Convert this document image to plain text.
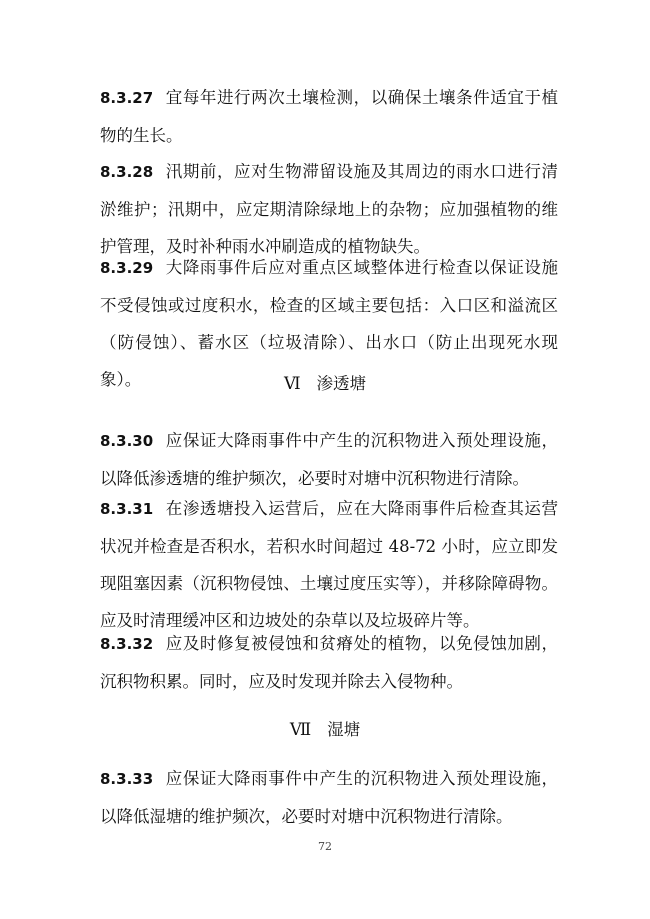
8.3.27 宜每年进行两次土壤检测，以确保土壤条件适宜于植物的生长。

8.3.28 汛期前，应对生物滞留设施及其周边的雨水口进行清淤维护；汛期中，应定期清除绿地上的杂物；应加强植物的维护管理，及时补种雨水冲刷造成的植物缺失。

8.3.29 大降雨事件后应对重点区域整体进行检查以保证设施不受侵蚀或过度积水，检查的区域主要包括：入口区和溢流区（防侵蚀）、蓄水区（垃圾清除）、出水口（防止出现死水现象）。	Ⅵ 渗透塘

8.3.30 应保证大降雨事件中产生的沉积物进入预处理设施，以降低渗透塘的维护频次，必要时对塘中沉积物进行清除。

8.3.31 在渗透塘投入运营后，应在大降雨事件后检查其运营状况并检查是否积水，若积水时间超过 48-72 小时，应立即发现阻塞因素（沉积物侵蚀、土壤过度压实等），并移除障碍物。应及时清理缓冲区和边坡处的杂草以及垃圾碎片等。

8.3.32 应及时修复被侵蚀和贫瘠处的植物，以免侵蚀加剧，沉积物积累。同时，应及时发现并除去入侵物种。

Ⅶ 湿塘

8.3.33 应保证大降雨事件中产生的沉积物进入预处理设施，以降低湿塘的维护频次，必要时对塘中沉积物进行清除。

72
